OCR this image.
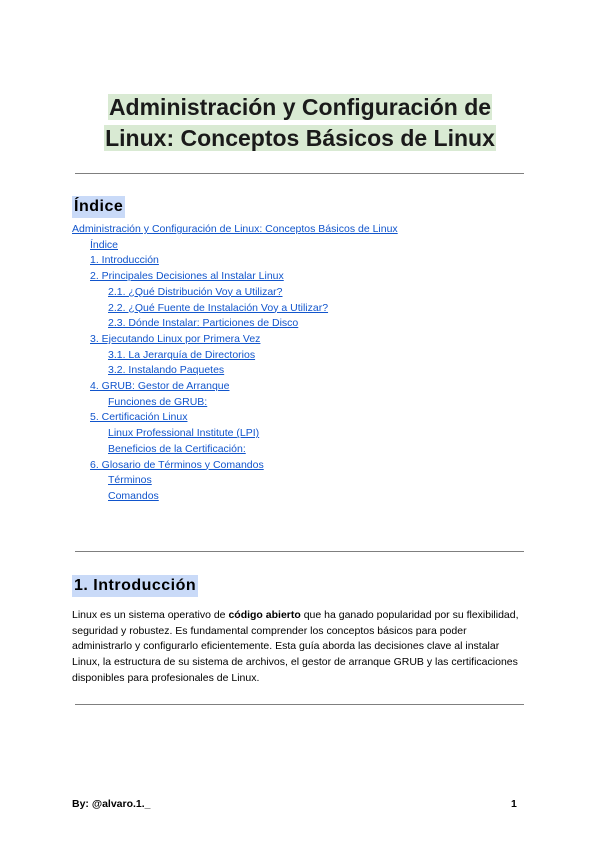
Administración y Configuración de
Linux: Conceptos Básicos de Linux
Índice
Administración y Configuración de Linux: Conceptos Básicos de Linux
Índice
1. Introducción
2. Principales Decisiones al Instalar Linux
2.1. ¿Qué Distribución Voy a Utilizar?
2.2. ¿Qué Fuente de Instalación Voy a Utilizar?
2.3. Dónde Instalar: Particiones de Disco
3. Ejecutando Linux por Primera Vez
3.1. La Jerarquía de Directorios
3.2. Instalando Paquetes
4. GRUB: Gestor de Arranque
Funciones de GRUB:
5. Certificación Linux
Linux Professional Institute (LPI)
Beneficios de la Certificación:
6. Glosario de Términos y Comandos
Términos
Comandos
1. Introducción
Linux es un sistema operativo de código abierto que ha ganado popularidad por su flexibilidad, seguridad y robustez. Es fundamental comprender los conceptos básicos para poder administrarlo y configurarlo eficientemente. Esta guía aborda las decisiones clave al instalar Linux, la estructura de su sistema de archivos, el gestor de arranque GRUB y las certificaciones disponibles para profesionales de Linux.
By: @alvaro.1._	1
